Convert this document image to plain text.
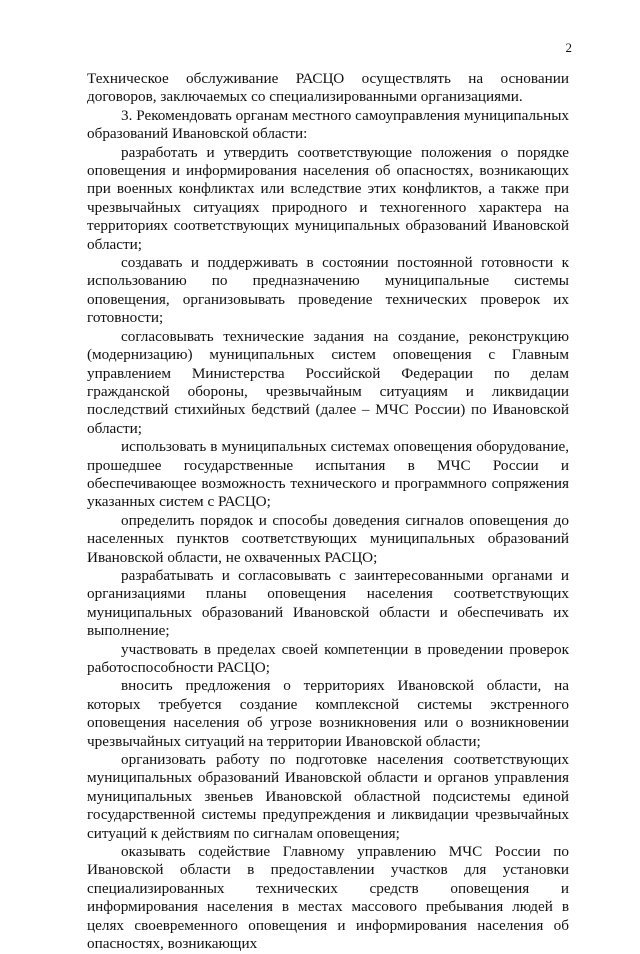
2

Техническое обслуживание РАСЦО осуществлять на основании договоров, заключаемых со специализированными организациями.

3. Рекомендовать органам местного самоуправления муниципальных образований Ивановской области:

разработать и утвердить соответствующие положения о порядке оповещения и информирования населения об опасностях, возникающих при военных конфликтах или вследствие этих конфликтов, а также при чрезвычайных ситуациях природного и техногенного характера на территориях соответствующих муниципальных образований Ивановской области;

создавать и поддерживать в состоянии постоянной готовности к использованию по предназначению муниципальные системы оповещения, организовывать проведение технических проверок их готовности;

согласовывать технические задания на создание, реконструкцию (модернизацию) муниципальных систем оповещения с Главным управлением Министерства Российской Федерации по делам гражданской обороны, чрезвычайным ситуациям и ликвидации последствий стихийных бедствий (далее – МЧС России) по Ивановской области;

использовать в муниципальных системах оповещения оборудование, прошедшее государственные испытания в МЧС России и обеспечивающее возможность технического и программного сопряжения указанных систем с РАСЦО;

определить порядок и способы доведения сигналов оповещения до населенных пунктов соответствующих муниципальных образований Ивановской области, не охваченных РАСЦО;

разрабатывать и согласовывать с заинтересованными органами и организациями планы оповещения населения соответствующих муниципальных образований Ивановской области и обеспечивать их выполнение;

участвовать в пределах своей компетенции в проведении проверок работоспособности РАСЦО;

вносить предложения о территориях Ивановской области, на которых требуется создание комплексной системы экстренного оповещения населения об угрозе возникновения или о возникновении чрезвычайных ситуаций на территории Ивановской области;

организовать работу по подготовке населения соответствующих муниципальных образований Ивановской области и органов управления муниципальных звеньев Ивановской областной подсистемы единой государственной системы предупреждения и ликвидации чрезвычайных ситуаций к действиям по сигналам оповещения;

оказывать содействие Главному управлению МЧС России по Ивановской области в предоставлении участков для установки специализированных технических средств оповещения и информирования населения в местах массового пребывания людей в целях своевременного оповещения и информирования населения об опасностях, возникающих
